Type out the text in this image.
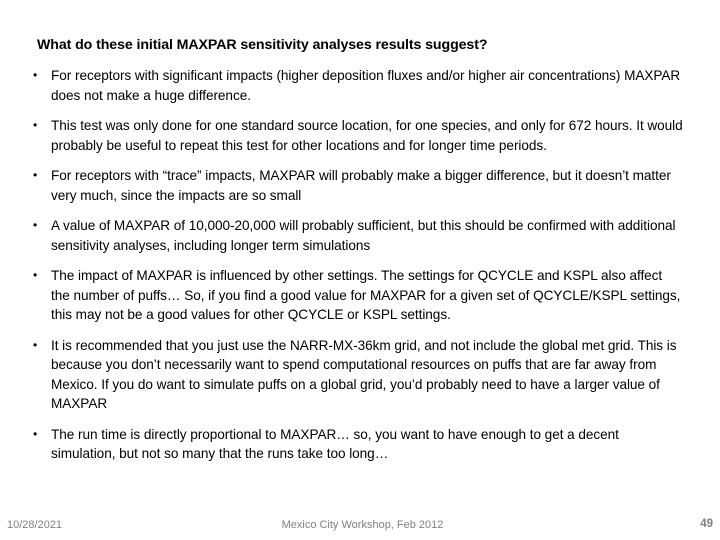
What do these initial MAXPAR sensitivity analyses results suggest?
• For receptors with significant impacts (higher deposition fluxes and/or higher air concentrations) MAXPAR does not make a huge difference.
• This test was only done for one standard source location, for one species, and only for 672 hours. It would probably be useful to repeat this test for other locations and for longer time periods.
• For receptors with “trace” impacts, MAXPAR will probably make a bigger difference, but it doesn’t matter very much, since the impacts are so small
• A value of MAXPAR of 10,000-20,000 will probably sufficient, but this should be confirmed with additional sensitivity analyses, including longer term simulations
• The impact of MAXPAR is influenced by other settings. The settings for QCYCLE and KSPL also affect the number of puffs… So, if you find a good value for MAXPAR for a given set of QCYCLE/KSPL settings, this may not be a good values for other QCYCLE or KSPL settings.
• It is recommended that you just use the NARR-MX-36km grid, and not include the global met grid. This is because you don’t necessarily want to spend computational resources on puffs that are far away from Mexico. If you do want to simulate puffs on a global grid, you’d probably need to have a larger value of MAXPAR
• The run time is directly proportional to MAXPAR… so, you want to have enough to get a decent simulation, but not so many that the runs take too long…
10/28/2021	Mexico City Workshop, Feb 2012	49
